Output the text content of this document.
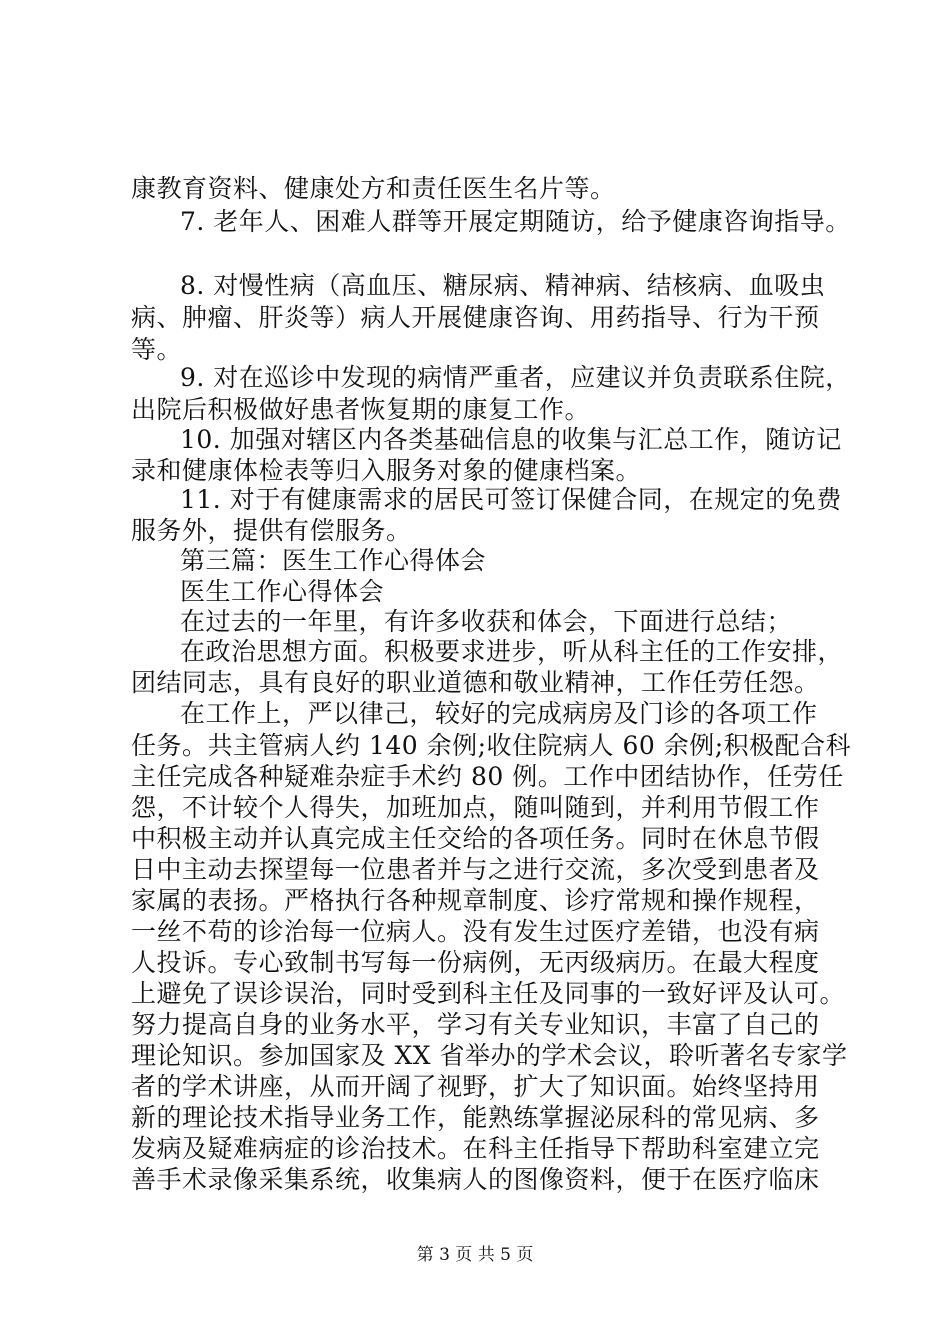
康教育资料、健康处方和责任医生名片等。
7. 老年人、困难人群等开展定期随访，给予健康咨询指导。
8. 对慢性病（高血压、糖尿病、精神病、结核病、血吸虫
病、肿瘤、肝炎等）病人开展健康咨询、用药指导、行为干预
等。
9. 对在巡诊中发现的病情严重者，应建议并负责联系住院，
出院后积极做好患者恢复期的康复工作。
10. 加强对辖区内各类基础信息的收集与汇总工作，随访记
录和健康体检表等归入服务对象的健康档案。
11. 对于有健康需求的居民可签订保健合同，在规定的免费
服务外，提供有偿服务。
第三篇：医生工作心得体会
医生工作心得体会
在过去的一年里，有许多收获和体会，下面进行总结；
在政治思想方面。积极要求进步，听从科主任的工作安排，
团结同志，具有良好的职业道德和敬业精神，工作任劳任怨。
在工作上，严以律己，较好的完成病房及门诊的各项工作
任务。共主管病人约 140 余例;收住院病人 60 余例;积极配合科
主任完成各种疑难杂症手术约 80 例。工作中团结协作，任劳任
怨，不计较个人得失，加班加点，随叫随到，并利用节假工作
中积极主动并认真完成主任交给的各项任务。同时在休息节假
日中主动去探望每一位患者并与之进行交流，多次受到患者及
家属的表扬。严格执行各种规章制度、诊疗常规和操作规程，
一丝不苟的诊治每一位病人。没有发生过医疗差错，也没有病
人投诉。专心致制书写每一份病例，无丙级病历。在最大程度
上避免了误诊误治，同时受到科主任及同事的一致好评及认可。
努力提高自身的业务水平，学习有关专业知识，丰富了自己的
理论知识。参加国家及 XX 省举办的学术会议，聆听著名专家学
者的学术讲座，从而开阔了视野，扩大了知识面。始终坚持用
新的理论技术指导业务工作，能熟练掌握泌尿科的常见病、多
发病及疑难病症的诊治技术。在科主任指导下帮助科室建立完
善手术录像采集系统，收集病人的图像资料，便于在医疗临床
第 3 页 共 5 页
